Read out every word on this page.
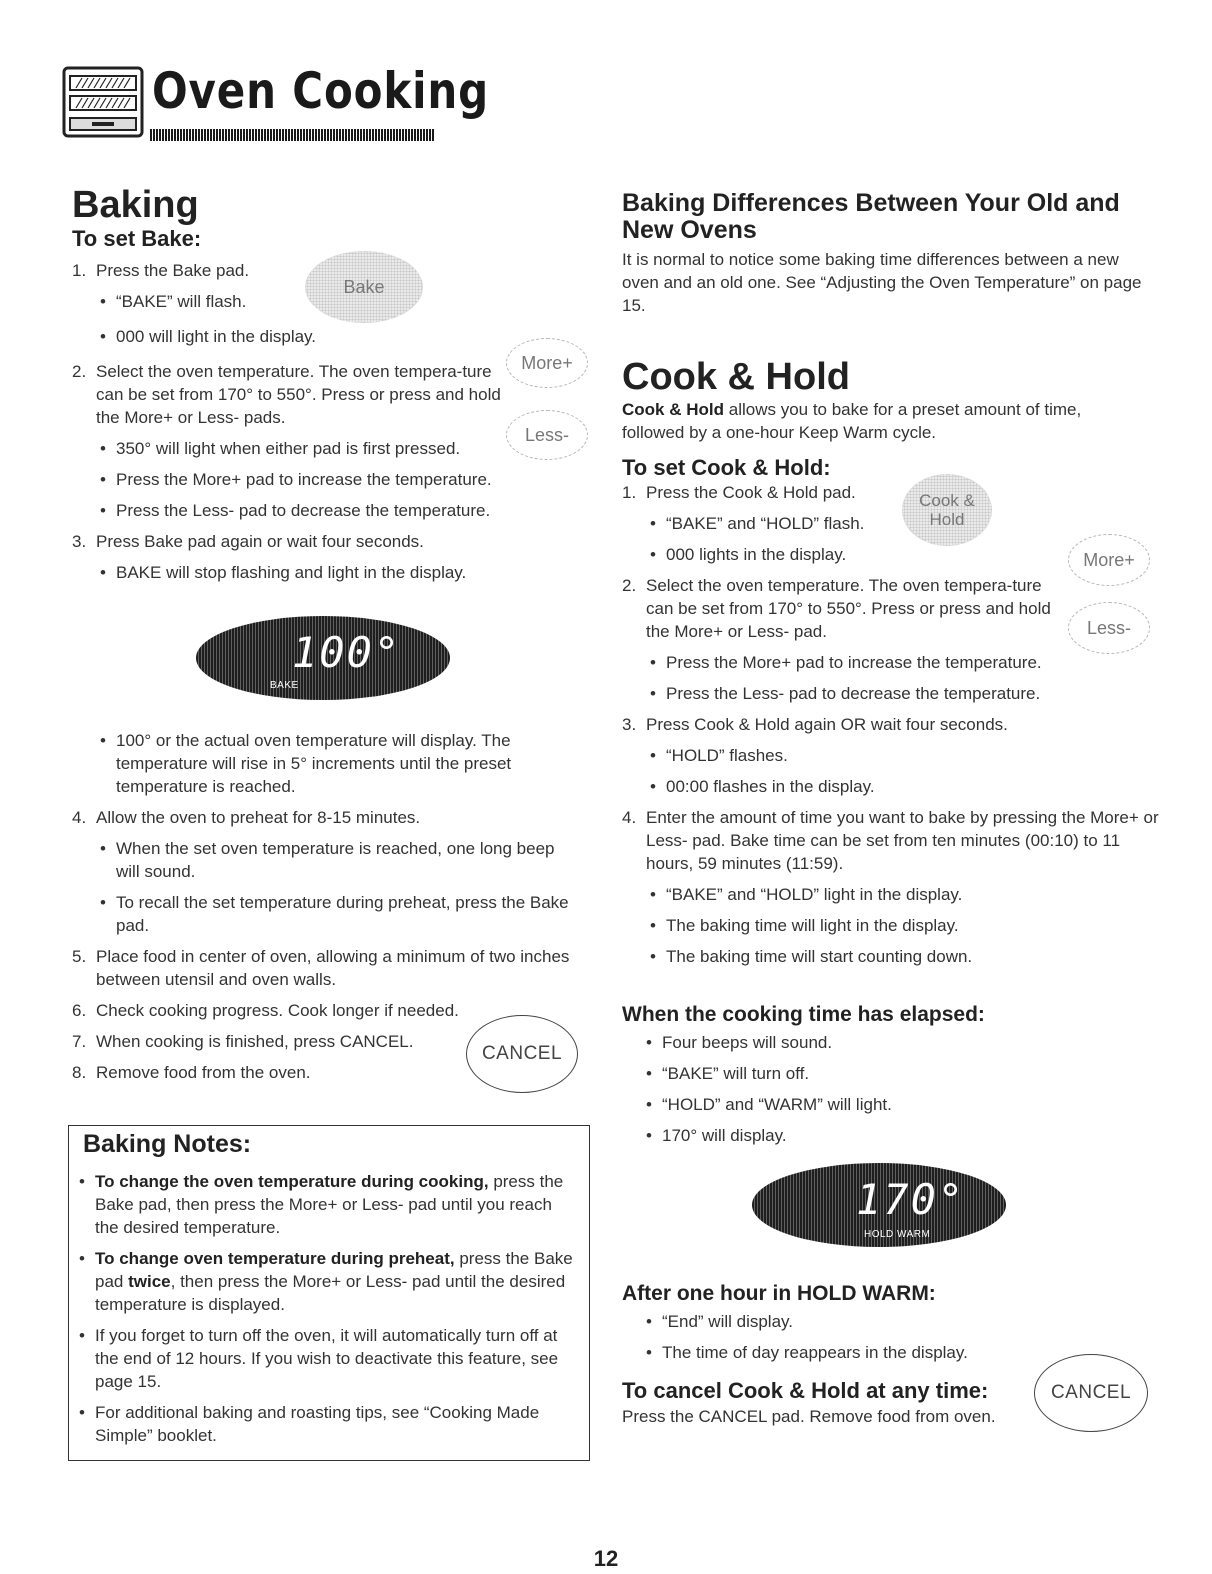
Oven Cooking
Baking
To set Bake:
1. Press the Bake pad.
• “BAKE” will flash.
• 000 will light in the display.
2. Select the oven temperature. The oven tempera-ture can be set from 170° to 550°. Press or press and hold the More+ or Less- pads.
• 350° will light when either pad is first pressed.
• Press the More+ pad to increase the temperature.
• Press the Less- pad to decrease the temperature.
3. Press Bake pad again or wait four seconds.
• BAKE will stop flashing and light in the display.
Bake
More+
Less-
100°
BAKE
• 100° or the actual oven temperature will display. The temperature will rise in 5° increments until the preset temperature is reached.
4. Allow the oven to preheat for 8-15 minutes.
• When the set oven temperature is reached, one long beep will sound.
• To recall the set temperature during preheat, press the Bake pad.
5. Place food in center of oven, allowing a minimum of two inches between utensil and oven walls.
6. Check cooking progress. Cook longer if needed.
7. When cooking is finished, press CANCEL.
8. Remove food from the oven.
CANCEL
Baking Notes:
• To change the oven temperature during cooking, press the Bake pad, then press the More+ or Less- pad until you reach the desired temperature.
• To change oven temperature during preheat, press the Bake pad twice, then press the More+ or Less- pad until the desired temperature is displayed.
• If you forget to turn off the oven, it will automatically turn off at the end of 12 hours. If you wish to deactivate this feature, see page 15.
• For additional baking and roasting tips, see “Cooking Made Simple” booklet.
Baking Differences Between Your Old and New Ovens
It is normal to notice some baking time differences between a new oven and an old one. See “Adjusting the Oven Temperature” on page 15.
Cook & Hold
Cook & Hold allows you to bake for a preset amount of time, followed by a one-hour Keep Warm cycle.
To set Cook & Hold:
1. Press the Cook & Hold pad.
• “BAKE” and “HOLD” flash.
• 000 lights in the display.
2. Select the oven temperature. The oven tempera-ture can be set from 170° to 550°. Press or press and hold the More+ or Less- pad.
• Press the More+ pad to increase the temperature.
• Press the Less- pad to decrease the temperature.
3. Press Cook & Hold again OR wait four seconds.
• “HOLD” flashes.
• 00:00 flashes in the display.
4. Enter the amount of time you want to bake by pressing the More+ or Less- pad. Bake time can be set from ten minutes (00:10) to 11 hours, 59 minutes (11:59).
• “BAKE” and “HOLD” light in the display.
• The baking time will light in the display.
• The baking time will start counting down.
Cook & Hold
More+
Less-
When the cooking time has elapsed:
• Four beeps will sound.
• “BAKE” will turn off.
• “HOLD” and “WARM” will light.
• 170° will display.
170°
HOLD WARM
After one hour in HOLD WARM:
• “End” will display.
• The time of day reappears in the display.
To cancel Cook & Hold at any time:
Press the CANCEL pad. Remove food from oven.
CANCEL
12
